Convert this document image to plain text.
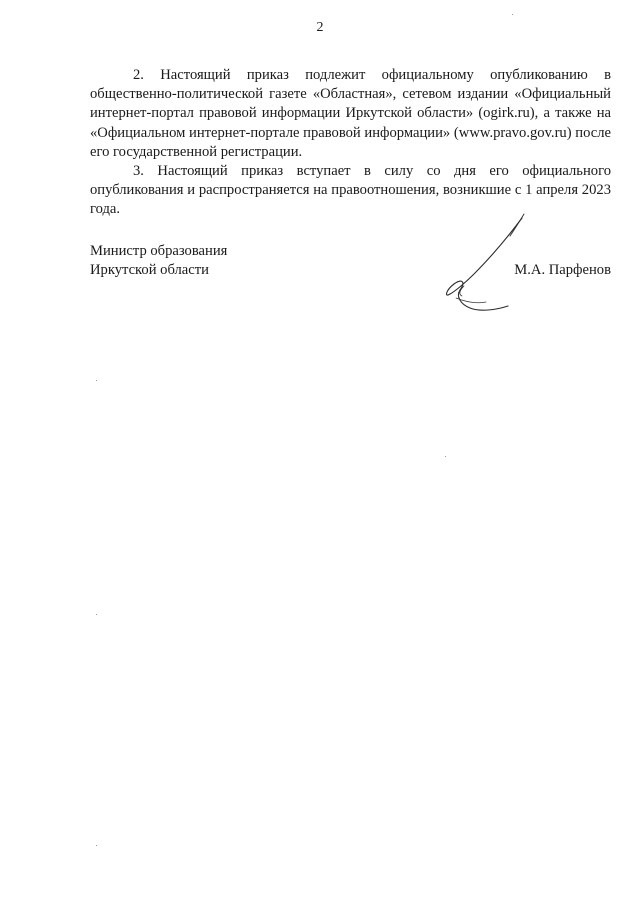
2

2. Настоящий приказ подлежит официальному опубликованию в общественно-политической газете «Областная», сетевом издании «Официальный интернет-портал правовой информации Иркутской области» (ogirk.ru), а также на «Официальном интернет-портале правовой информации» (www.pravo.gov.ru) после его государственной регистрации.

3. Настоящий приказ вступает в силу со дня его официального опубликования и распространяется на правоотношения, возникшие с 1 апреля 2023 года.

Министр образования
Иркутской области	М.А. Парфенов
